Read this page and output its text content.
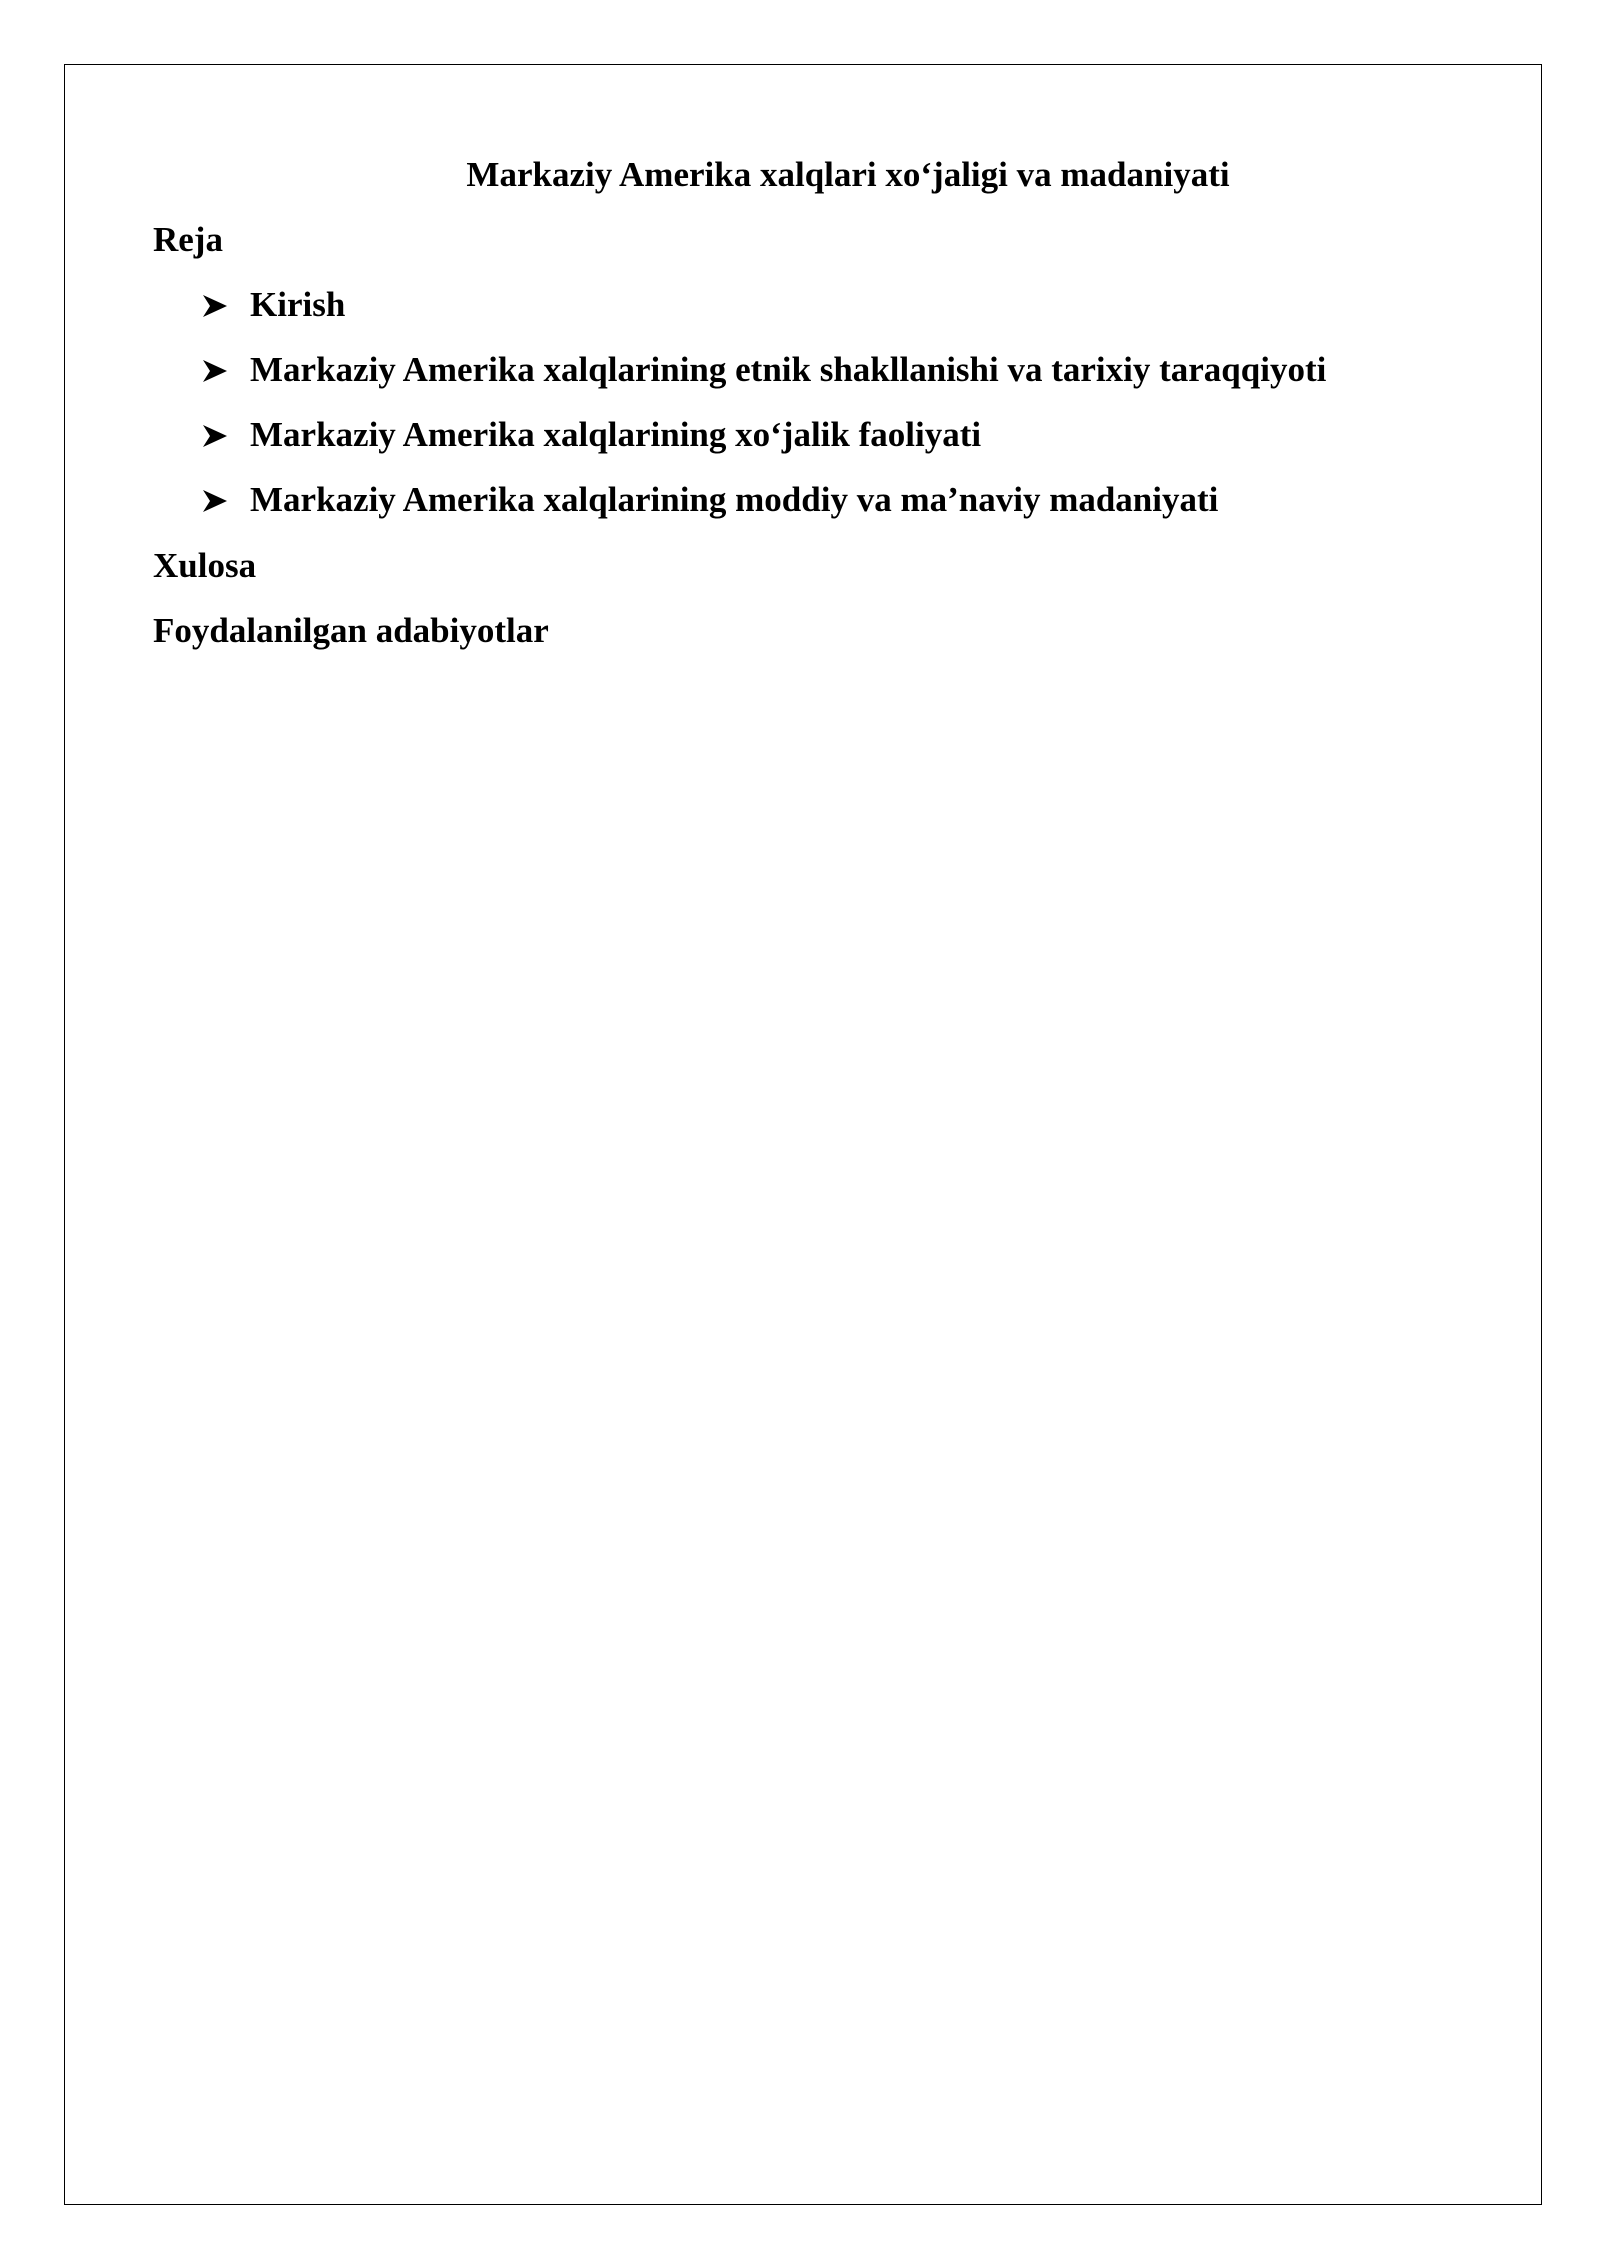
Markaziy Amerika xalqlari xo‘jaligi va madaniyati
Reja
Kirish
Markaziy Amerika xalqlarining etnik shakllanishi va tarixiy taraqqiyoti
Markaziy Amerika xalqlarining xo‘jalik faoliyati
Markaziy Amerika xalqlarining moddiy va ma’naviy madaniyati
Xulosa
Foydalanilgan adabiyotlar
